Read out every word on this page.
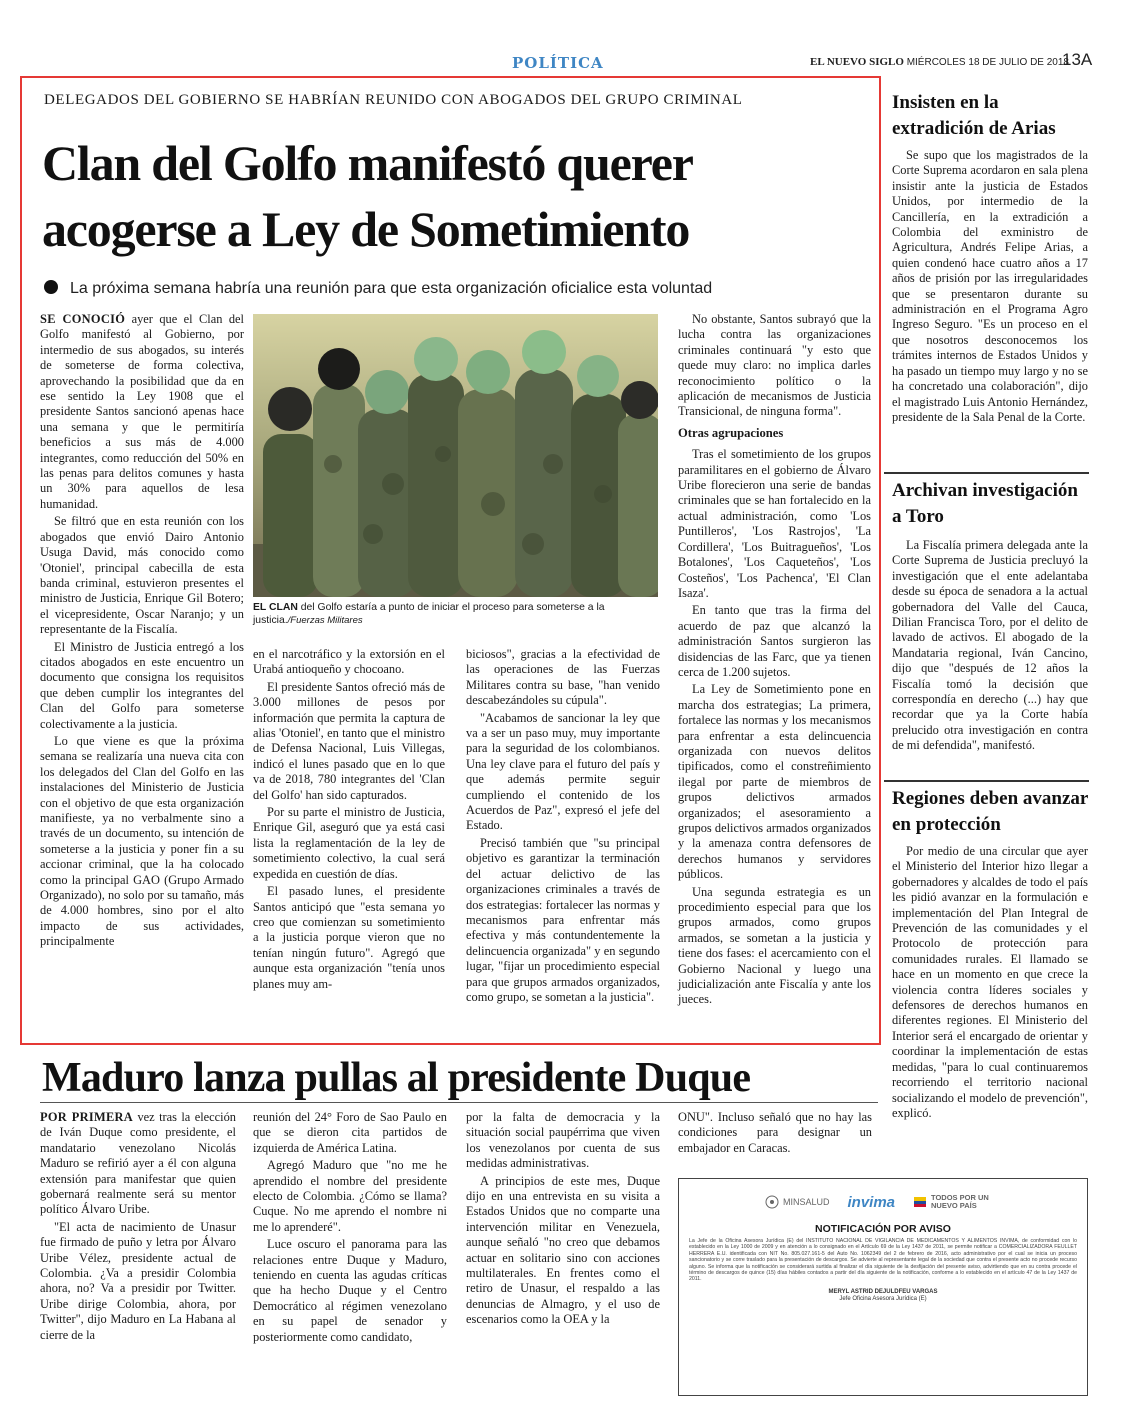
POLÍTICA	EL NUEVO SIGLO MIÉRCOLES 18 DE JULIO DE 2018
13A
DELEGADOS DEL GOBIERNO SE HABRÍAN REUNIDO CON ABOGADOS DEL GRUPO CRIMINAL
Clan del Golfo manifestó querer
acogerse a Ley de Sometimiento
La próxima semana habría una reunión para que esta organización oficialice esta voluntad

SE CONOCIÓ ayer que el Clan del Golfo manifestó al Gobierno, por intermedio de sus abogados, su interés de someterse de forma colectiva, aprovechando la posibilidad que da en ese sentido la Ley 1908 que el presidente Santos sancionó apenas hace una semana y que le permitiría beneficios a sus más de 4.000 integrantes, como reducción del 50% en las penas para delitos comunes y hasta un 30% para aquellos de lesa humanidad.

Se filtró que en esta reunión con los abogados que envió Dairo Antonio Usuga David, más conocido como 'Otoniel', principal cabecilla de esta banda criminal, estuvieron presentes el ministro de Justicia, Enrique Gil Botero; el vicepresidente, Oscar Naranjo; y un representante de la Fiscalía.

El Ministro de Justicia entregó a los citados abogados en este encuentro un documento que consigna los requisitos que deben cumplir los integrantes del Clan del Golfo para someterse colectivamente a la justicia.

Lo que viene es que la próxima semana se realizaría una nueva cita con los delegados del Clan del Golfo en las instalaciones del Ministerio de Justicia con el objetivo de que esta organización manifieste, ya no verbalmente sino a través de un documento, su intención de someterse a la justicia y poner fin a su accionar criminal, que la ha colocado como la principal GAO (Grupo Armado Organizado), no solo por su tamaño, más de 4.000 hombres, sino por el alto impacto de sus actividades, principalmente

EL CLAN del Golfo estaría a punto de iniciar el proceso para someterse a la justicia./Fuerzas Militares

en el narcotráfico y la extorsión en el Urabá antioqueño y chocoano.

El presidente Santos ofreció más de 3.000 millones de pesos por información que permita la captura de alias 'Otoniel', en tanto que el ministro de Defensa Nacional, Luis Villegas, indicó el lunes pasado que en lo que va de 2018, 780 integrantes del 'Clan del Golfo' han sido capturados.

Por su parte el ministro de Justicia, Enrique Gil, aseguró que ya está casi lista la reglamentación de la ley de sometimiento colectivo, la cual será expedida en cuestión de días.

El pasado lunes, el presidente Santos anticipó que "esta semana yo creo que comienzan su sometimiento a la justicia porque vieron que no tenían ningún futuro". Agregó que aunque esta organización "tenía unos planes muy am-

biciosos", gracias a la efectividad de las operaciones de las Fuerzas Militares contra su base, "han venido descabezándoles su cúpula".

"Acabamos de sancionar la ley que va a ser un paso muy, muy importante para la seguridad de los colombianos. Una ley clave para el futuro del país y que además permite seguir cumpliendo el contenido de los Acuerdos de Paz", expresó el jefe del Estado.

Precisó también que "su principal objetivo es garantizar la terminación del actuar delictivo de las organizaciones criminales a través de dos estrategias: fortalecer las normas y mecanismos para enfrentar más efectiva y más contundentemente la delincuencia organizada" y en segundo lugar, "fijar un procedimiento especial para que grupos armados organizados, como grupo, se sometan a la justicia".

No obstante, Santos subrayó que la lucha contra las organizaciones criminales continuará "y esto que quede muy claro: no implica darles reconocimiento político o la aplicación de mecanismos de Justicia Transicional, de ninguna forma".

Otras agrupaciones

Tras el sometimiento de los grupos paramilitares en el gobierno de Álvaro Uribe florecieron una serie de bandas criminales que se han fortalecido en la actual administración, como 'Los Puntilleros', 'Los Rastrojos', 'La Cordillera', 'Los Buitragueños', 'Los Botalones', 'Los Caqueteños', 'Los Costeños', 'Los Pachenca', 'El Clan Isaza'.

En tanto que tras la firma del acuerdo de paz que alcanzó la administración Santos surgieron las disidencias de las Farc, que ya tienen cerca de 1.200 sujetos.

La Ley de Sometimiento pone en marcha dos estrategias; La primera, fortalece las normas y los mecanismos para enfrentar a esta delincuencia organizada con nuevos delitos tipificados, como el constreñimiento ilegal por parte de miembros de grupos delictivos armados organizados; el asesoramiento a grupos delictivos armados organizados y la amenaza contra defensores de derechos humanos y servidores públicos.

Una segunda estrategia es un procedimiento especial para que los grupos armados, como grupos armados, se sometan a la justicia y tiene dos fases: el acercamiento con el Gobierno Nacional y luego una judicialización ante Fiscalía y ante los jueces.

Insisten en la extradición de Arias

Se supo que los magistrados de la Corte Suprema acordaron en sala plena insistir ante la justicia de Estados Unidos, por intermedio de la Cancillería, en la extradición a Colombia del exministro de Agricultura, Andrés Felipe Arias, a quien condenó hace cuatro años a 17 años de prisión por las irregularidades que se presentaron durante su administración en el Programa Agro Ingreso Seguro. "Es un proceso en el que nosotros desconocemos los trámites internos de Estados Unidos y ha pasado un tiempo muy largo y no se ha concretado una colaboración", dijo el magistrado Luis Antonio Hernández, presidente de la Sala Penal de la Corte.

Archivan investigación a Toro

La Fiscalía primera delegada ante la Corte Suprema de Justicia precluyó la investigación que el ente adelantaba desde su época de senadora a la actual gobernadora del Valle del Cauca, Dilian Francisca Toro, por el delito de lavado de activos. El abogado de la Mandataria regional, Iván Cancino, dijo que "después de 12 años la Fiscalía tomó la decisión que correspondía en derecho (...) hay que recordar que ya la Corte había prelucido otra investigación en contra de mi defendida", manifestó.

Regiones deben avanzar en protección

Por medio de una circular que ayer el Ministerio del Interior hizo llegar a gobernadores y alcaldes de todo el país les pidió avanzar en la formulación e implementación del Plan Integral de Prevención de las comunidades y el Protocolo de protección para comunidades rurales. El llamado se hace en un momento en que crece la violencia contra líderes sociales y defensores de derechos humanos en diferentes regiones. El Ministerio del Interior será el encargado de orientar y coordinar la implementación de estas medidas, "para lo cual continuaremos recorriendo el territorio nacional socializando el modelo de prevención", explicó.

Maduro lanza pullas al presidente Duque

POR PRIMERA vez tras la elección de Iván Duque como presidente, el mandatario venezolano Nicolás Maduro se refirió ayer a él con alguna extensión para manifestar que quien gobernará realmente será su mentor político Álvaro Uribe.

"El acta de nacimiento de Unasur fue firmado de puño y letra por Álvaro Uribe Vélez, presidente actual de Colombia. ¿Va a presidir Colombia ahora, no? Va a presidir por Twitter. Uribe dirige Colombia, ahora, por Twitter", dijo Maduro en La Habana al cierre de la

reunión del 24° Foro de Sao Paulo en que se dieron cita partidos de izquierda de América Latina.

Agregó Maduro que "no me he aprendido el nombre del presidente electo de Colombia. ¿Cómo se llama? Cuque. No me aprendo el nombre ni me lo aprenderé".

Luce oscuro el panorama para las relaciones entre Duque y Maduro, teniendo en cuenta las agudas críticas que ha hecho Duque y el Centro Democrático al régimen venezolano en su papel de senador y posteriormente como candidato,

por la falta de democracia y la situación social paupérrima que viven los venezolanos por cuenta de sus medidas administrativas.

A principios de este mes, Duque dijo en una entrevista en su visita a Estados Unidos que no comparte una intervención militar en Venezuela, aunque señaló "no creo que debamos actuar en solitario sino con acciones multilaterales. En frentes como el retiro de Unasur, el respaldo a las denuncias de Almagro, y el uso de escenarios como la OEA y la

ONU". Incluso señaló que no hay las condiciones para designar un embajador en Caracas.

MINSALUD invima	TODOS POR UN NUEVO PAÍS
NOTIFICACIÓN POR AVISO
La Jefe de la Oficina Asesora Jurídica (E) del INSTITUTO NACIONAL DE VIGILANCIA DE MEDICAMENTOS Y ALIMENTOS INVIMA, de conformidad con lo establecido en la Ley 1000 de 2009 y en atención a lo consignado en el Artículo 69 de la Ley 1437 de 2011, se permite notificar a COMERCIALIZADORA FEULLET HERRERA E.U. identificada con NIT No. 805.027.161-5 del Auto No. 1062349 del 2 de febrero de 2016, acto administrativo por el cual se inicia un proceso sancionatorio y se corre traslado para la presentación de descargos. Se advierte al representante legal de la sociedad que contra el presente acto no procede recurso alguno. Se informa que la notificación se considerará surtida al finalizar el día siguiente de la desfijación del presente aviso, advirtiendo que en su contra procede el término de descargos de quince (15) días hábiles contados a partir del día siguiente de la notificación, conforme a lo establecido en el artículo 47 de la Ley 1437 de 2011.
MERYL ASTRID DEJULDFEU VARGAS
Jefe Oficina Asesora Jurídica (E)
